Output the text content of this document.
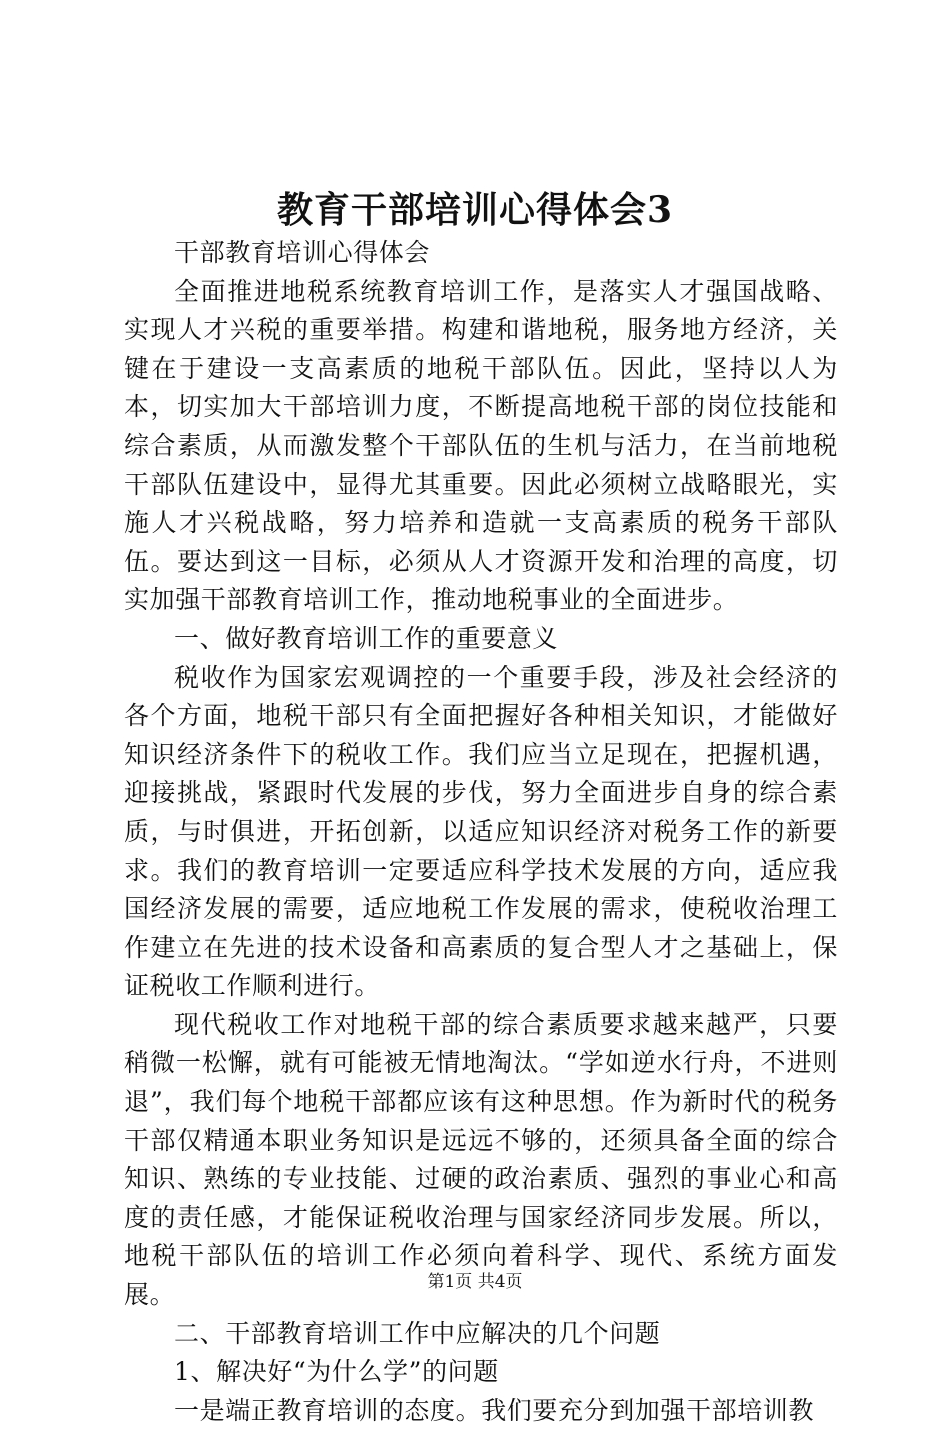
教育干部培训心得体会3

干部教育培训心得体会

全面推进地税系统教育培训工作，是落实人才强国战略、实现人才兴税的重要举措。构建和谐地税，服务地方经济，关键在于建设一支高素质的地税干部队伍。因此，坚持以人为本，切实加大干部培训力度，不断提高地税干部的岗位技能和综合素质，从而激发整个干部队伍的生机与活力，在当前地税干部队伍建设中，显得尤其重要。因此必须树立战略眼光，实施人才兴税战略，努力培养和造就一支高素质的税务干部队伍。要达到这一目标，必须从人才资源开发和治理的高度，切实加强干部教育培训工作，推动地税事业的全面进步。

一、做好教育培训工作的重要意义

税收作为国家宏观调控的一个重要手段，涉及社会经济的各个方面，地税干部只有全面把握好各种相关知识，才能做好知识经济条件下的税收工作。我们应当立足现在，把握机遇，迎接挑战，紧跟时代发展的步伐，努力全面进步自身的综合素质，与时俱进，开拓创新，以适应知识经济对税务工作的新要求。我们的教育培训一定要适应科学技术发展的方向，适应我国经济发展的需要，适应地税工作发展的需求，使税收治理工作建立在先进的技术设备和高素质的复合型人才之基础上，保证税收工作顺利进行。

现代税收工作对地税干部的综合素质要求越来越严，只要稍微一松懈，就有可能被无情地淘汰。“学如逆水行舟，不进则退”，我们每个地税干部都应该有这种思想。作为新时代的税务干部仅精通本职业务知识是远远不够的，还须具备全面的综合知识、熟练的专业技能、过硬的政治素质、强烈的事业心和高度的责任感，才能保证税收治理与国家经济同步发展。所以，地税干部队伍的培训工作必须向着科学、现代、系统方面发展。

二、干部教育培训工作中应解决的几个问题

1、解决好“为什么学”的问题

一是端正教育培训的态度。我们要充分到加强干部培训教

第1页 共4页
